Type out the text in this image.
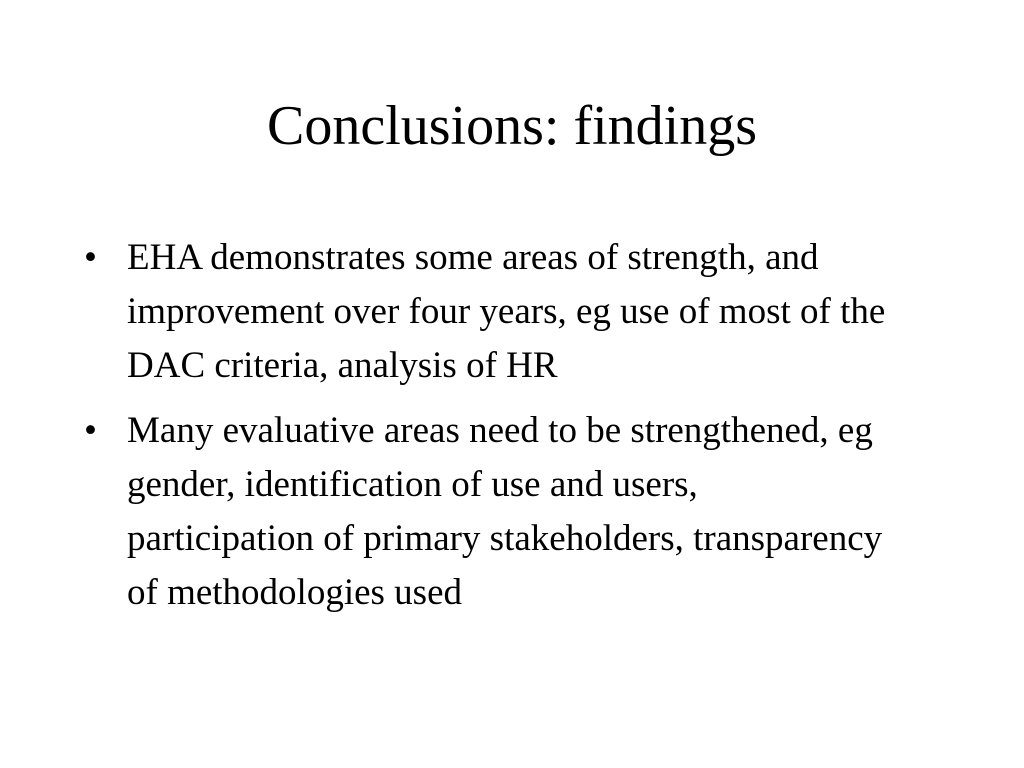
Conclusions: findings
• EHA demonstrates some areas of strength, and improvement over four years, eg use of most of the DAC criteria, analysis of HR
• Many evaluative areas need to be strengthened, eg gender, identification of use and users, participation of primary stakeholders, transparency of methodologies used
